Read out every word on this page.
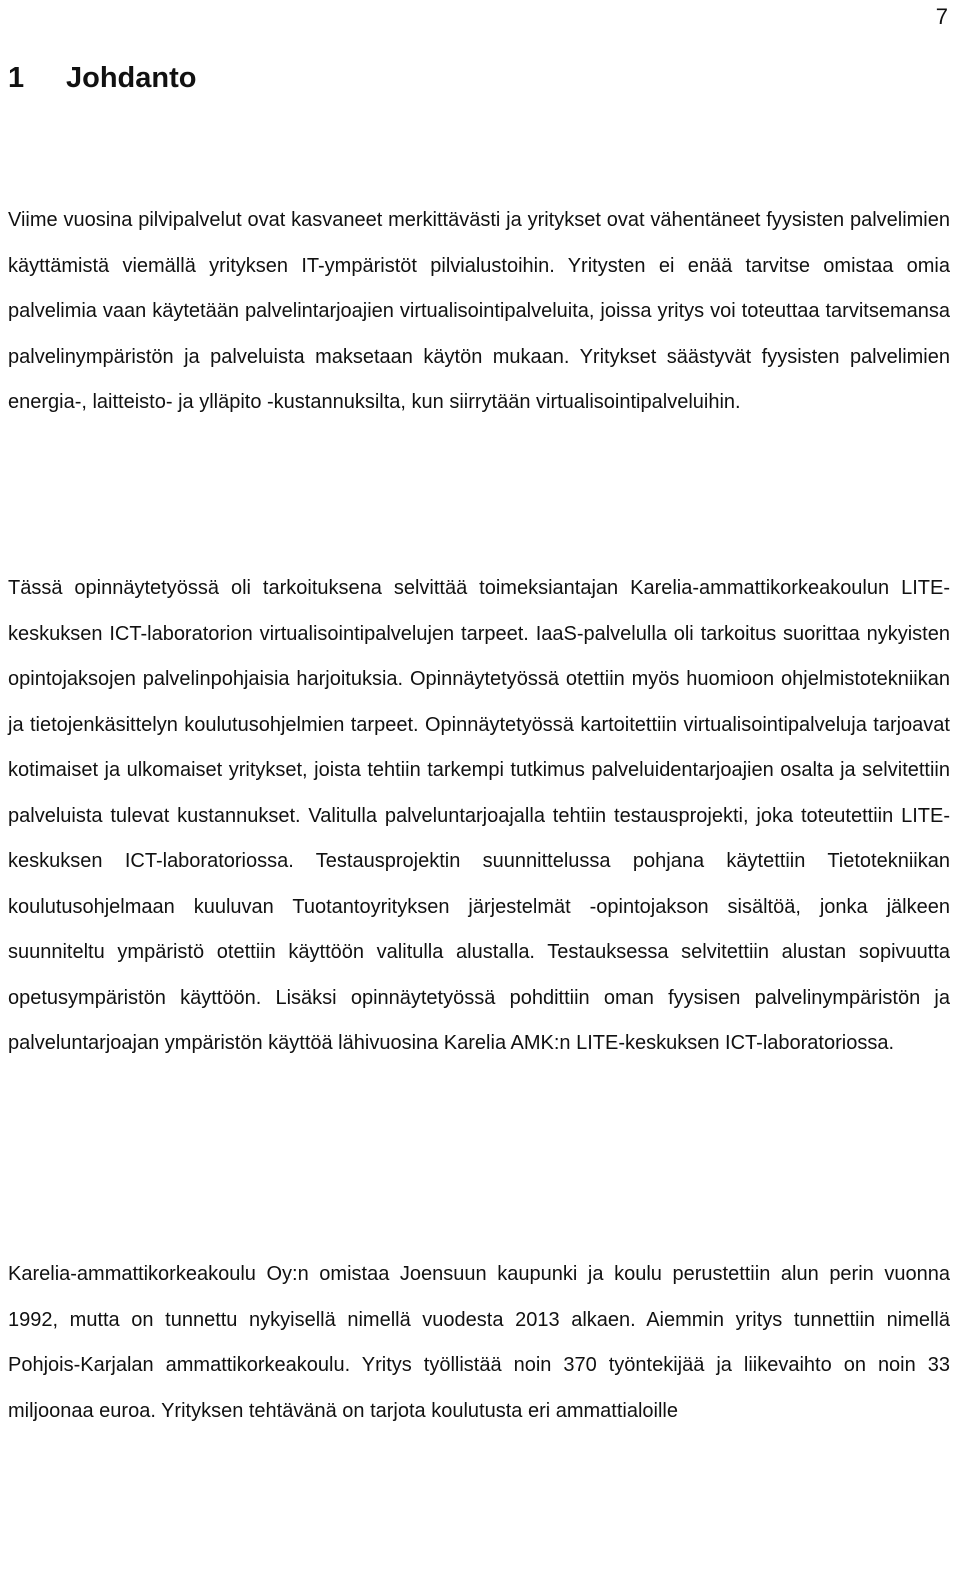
7
1 Johdanto

Viime vuosina pilvipalvelut ovat kasvaneet merkittävästi ja yritykset ovat vähentäneet fyysisten palvelimien käyttämistä viemällä yrityksen IT-ympäristöt pilvialustoihin. Yritysten ei enää tarvitse omistaa omia palvelimia vaan käytetään palvelintarjoajien virtualisointipalveluita, joissa yritys voi toteuttaa tarvitsemansa palvelinympäristön ja palveluista maksetaan käytön mukaan. Yritykset säästyvät fyysisten palvelimien energia-, laitteisto- ja ylläpito -kustannuksilta, kun siirrytään virtualisointipalveluihin.

Tässä opinnäytetyössä oli tarkoituksena selvittää toimeksiantajan Karelia-ammattikorkeakoulun LITE-keskuksen ICT-laboratorion virtualisointipalvelujen tarpeet. IaaS-palvelulla oli tarkoitus suorittaa nykyisten opintojaksojen palvelinpohjaisia harjoituksia. Opinnäytetyössä otettiin myös huomioon ohjelmistotekniikan ja tietojenkäsittelyn koulutusohjelmien tarpeet. Opinnäytetyössä kartoitettiin virtualisointipalveluja tarjoavat kotimaiset ja ulkomaiset yritykset, joista tehtiin tarkempi tutkimus palveluidentarjoajien osalta ja selvitettiin palveluista tulevat kustannukset. Valitulla palveluntarjoajalla tehtiin testausprojekti, joka toteutettiin LITE-keskuksen ICT-laboratoriossa. Testausprojektin suunnittelussa pohjana käytettiin Tietotekniikan koulutusohjelmaan kuuluvan Tuotantoyrityksen järjestelmät -opintojakson sisältöä, jonka jälkeen suunniteltu ympäristö otettiin käyttöön valitulla alustalla. Testauksessa selvitettiin alustan sopivuutta opetusympäristön käyttöön. Lisäksi opinnäytetyössä pohdittiin oman fyysisen palvelinympäristön ja palveluntarjoajan ympäristön käyttöä lähivuosina Karelia AMK:n LITE-keskuksen ICT-laboratoriossa.

Karelia-ammattikorkeakoulu Oy:n omistaa Joensuun kaupunki ja koulu perustettiin alun perin vuonna 1992, mutta on tunnettu nykyisellä nimellä vuodesta 2013 alkaen. Aiemmin yritys tunnettiin nimellä Pohjois-Karjalan ammattikorkeakoulu. Yritys työllistää noin 370 työntekijää ja liikevaihto on noin 33 miljoonaa euroa. Yrityksen tehtävänä on tarjota koulutusta eri ammattialoille
